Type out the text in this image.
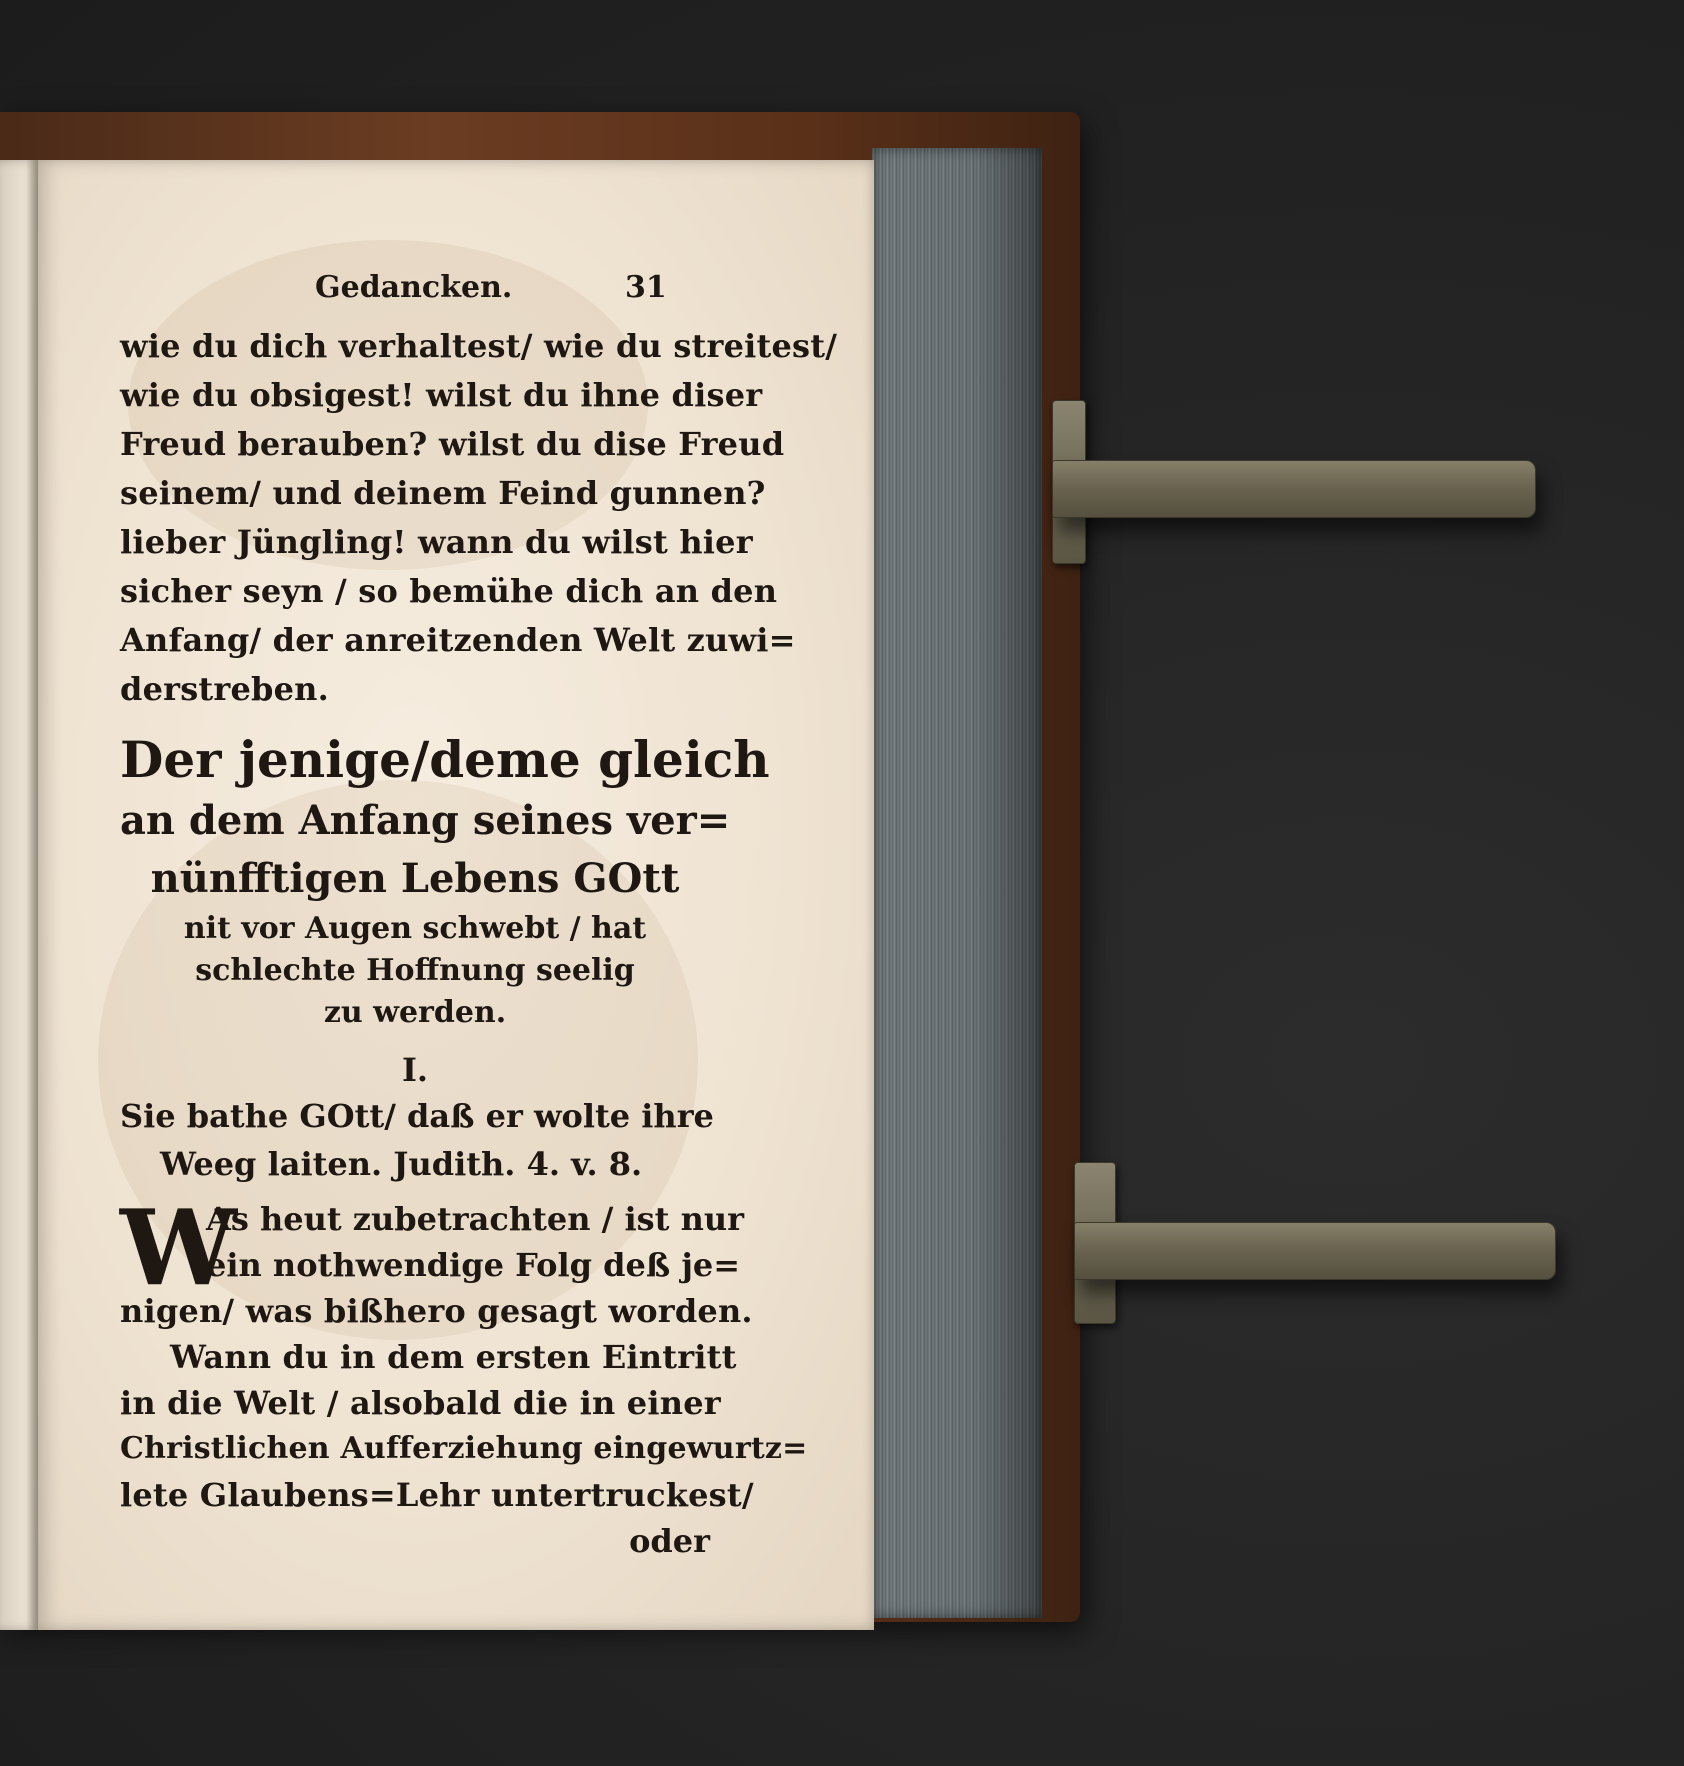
Gedancken.	31
wie du dich verhaltest/ wie du streitest/
wie du obsigest! wilst du ihne diser
Freud berauben? wilst du dise Freud
seinem/ und deinem Feind gunnen?
lieber Jüngling! wann du wilst hier
sicher seyn / so bemühe dich an den
Anfang/ der anreitzenden Welt zuwi=
derstreben.
Der jenige/deme gleich
an dem Anfang seines ver=
nünfftigen Lebens GOtt
nit vor Augen schwebt / hat
schlechte Hoffnung seelig
zu werden.
I.
Sie bathe GOtt/ daß er wolte ihre
Weeg laiten. Judith. 4. v. 8.
W
As heut zubetrachten / ist nur
ein nothwendige Folg deß je=
nigen/ was bißhero gesagt worden.
Wann du in dem ersten Eintritt
in die Welt / alsobald die in einer
Christlichen Aufferziehung eingewurtz=
lete Glaubens=Lehr untertruckest/
oder
